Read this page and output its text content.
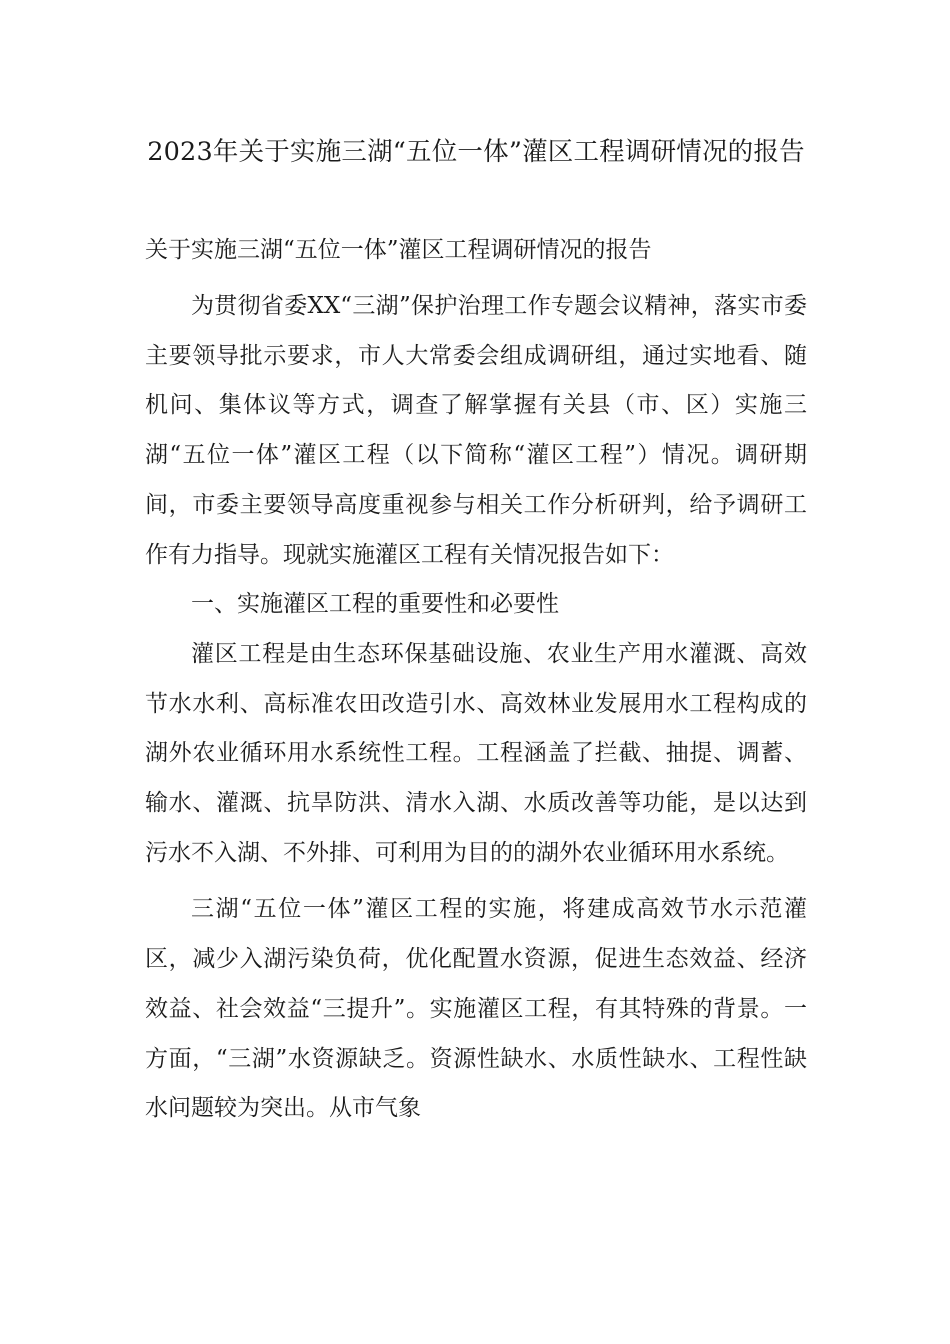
2023年关于实施三湖“五位一体”灌区工程调研情况的报告
关于实施三湖“五位一体”灌区工程调研情况的报告

为贯彻省委XX“三湖”保护治理工作专题会议精神，落实市委主要领导批示要求，市人大常委会组成调研组，通过实地看、随机问、集体议等方式，调查了解掌握有关县（市、区）实施三湖“五位一体”灌区工程（以下简称“灌区工程”）情况。调研期间，市委主要领导高度重视参与相关工作分析研判，给予调研工作有力指导。现就实施灌区工程有关情况报告如下：

一、实施灌区工程的重要性和必要性

灌区工程是由生态环保基础设施、农业生产用水灌溉、高效节水水利、高标准农田改造引水、高效林业发展用水工程构成的湖外农业循环用水系统性工程。工程涵盖了拦截、抽提、调蓄、输水、灌溉、抗旱防洪、清水入湖、水质改善等功能，是以达到污水不入湖、不外排、可利用为目的的湖外农业循环用水系统。

三湖“五位一体”灌区工程的实施，将建成高效节水示范灌区，减少入湖污染负荷，优化配置水资源，促进生态效益、经济效益、社会效益“三提升”。实施灌区工程，有其特殊的背景。一方面，“三湖”水资源缺乏。资源性缺水、水质性缺水、工程性缺水问题较为突出。从市气象
